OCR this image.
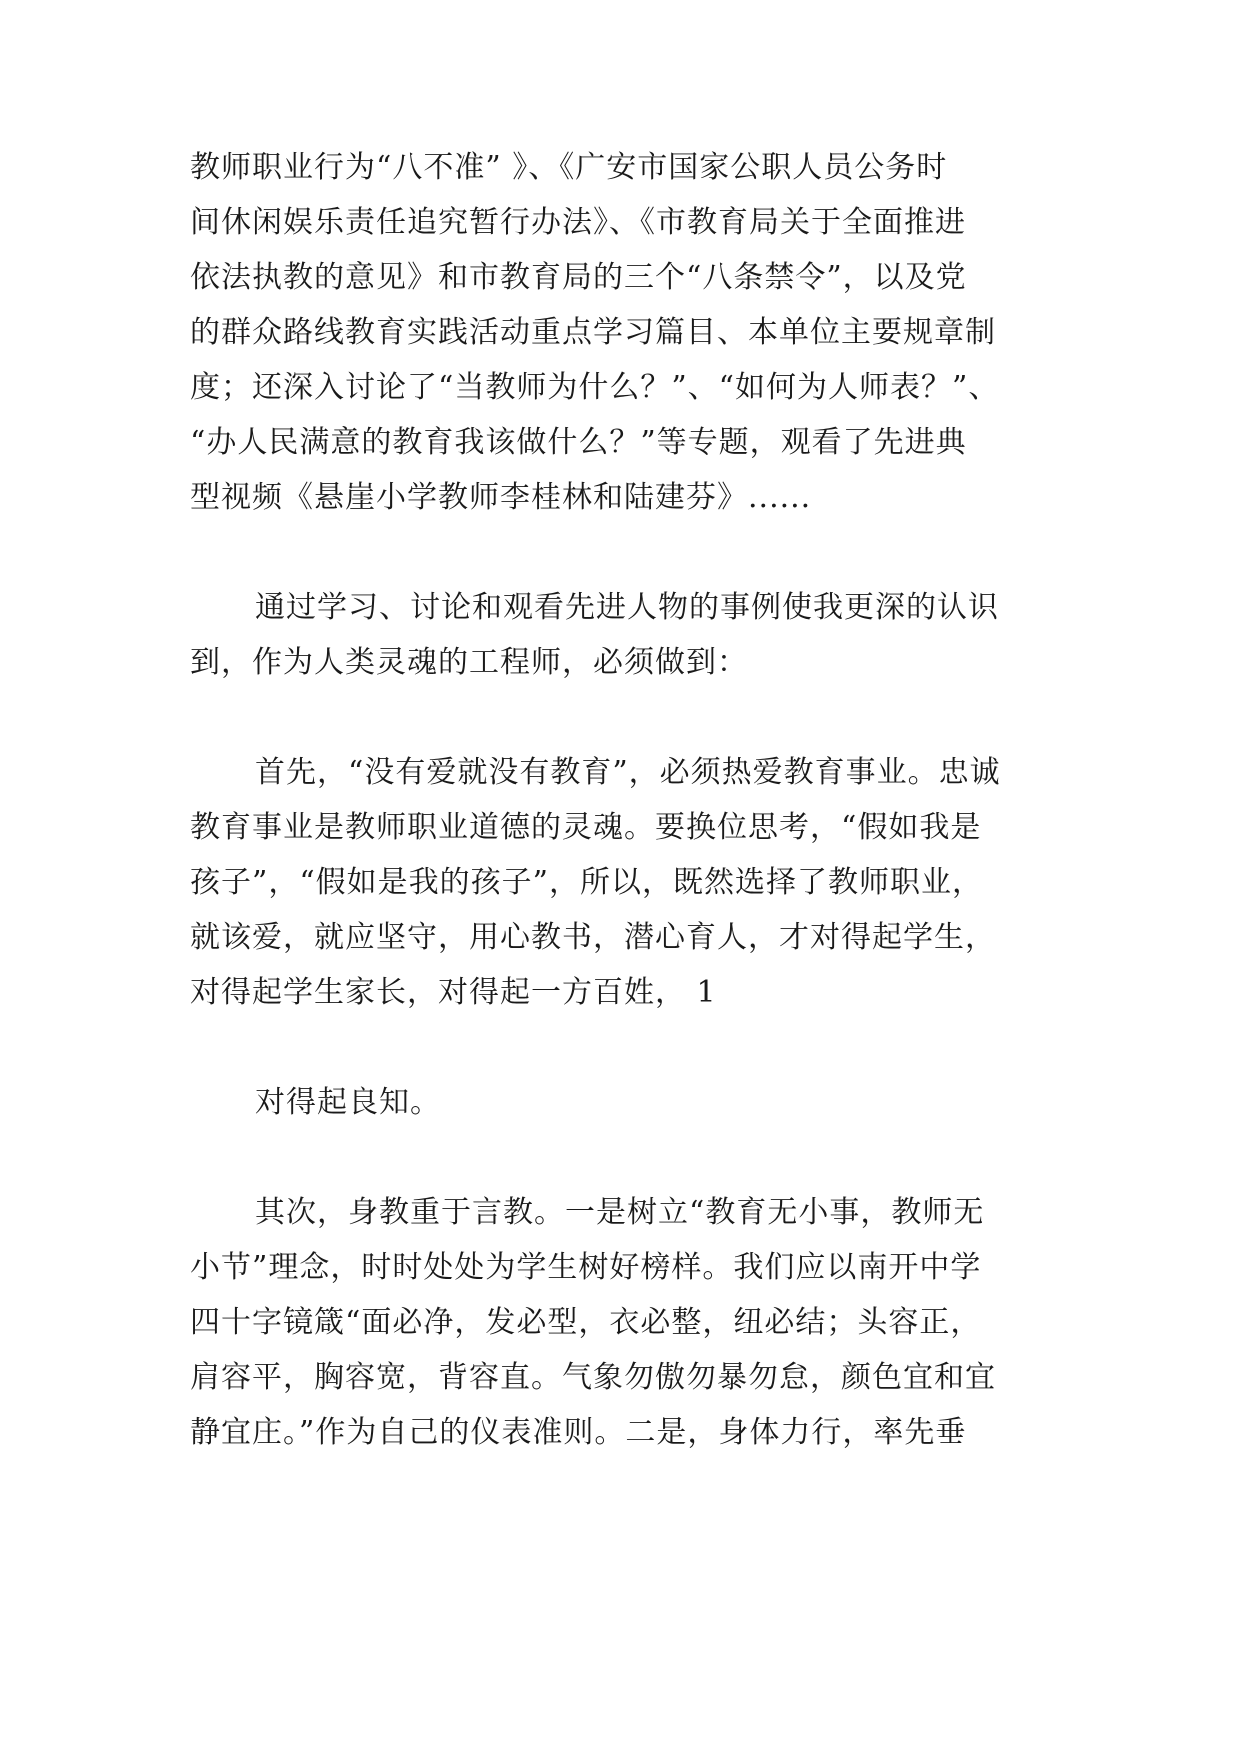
教师职业行为“八不准” 》、《广安市国家公职人员公务时
间休闲娱乐责任追究暂行办法》、《市教育局关于全面推进
依法执教的意见》和市教育局的三个“八条禁令”，以及党
的群众路线教育实践活动重点学习篇目、本单位主要规章制
度；还深入讨论了“当教师为什么？”、“如何为人师表？”、
“办人民满意的教育我该做什么？”等专题，观看了先进典
型视频《悬崖小学教师李桂林和陆建芬》......
通过学习、讨论和观看先进人物的事例使我更深的认识
到，作为人类灵魂的工程师，必须做到：
首先，“没有爱就没有教育”，必须热爱教育事业。忠诚
教育事业是教师职业道德的灵魂。要换位思考，“假如我是
孩子”，“假如是我的孩子”，所以，既然选择了教师职业，
就该爱，就应坚守，用心教书，潜心育人，才对得起学生，
对得起学生家长，对得起一方百姓， 1
对得起良知。
其次，身教重于言教。一是树立“教育无小事，教师无
小节”理念，时时处处为学生树好榜样。我们应以南开中学
四十字镜箴“面必净，发必型，衣必整，纽必结；头容正，
肩容平，胸容宽，背容直。气象勿傲勿暴勿怠，颜色宜和宜
静宜庄。”作为自己的仪表准则。二是，身体力行，率先垂
